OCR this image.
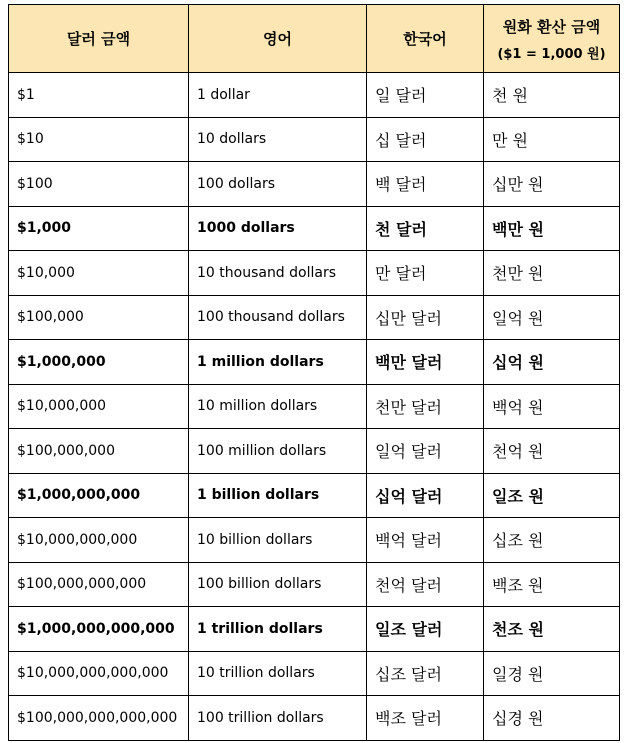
달러 금액	영어	한국어	원화 환산 금액
($1 = 1,000 원)

$1	1 dollar	일 달러	천 원
$10	10 dollars	십 달러	만 원
$100	100 dollars	백 달러	십만 원
$1,000	1000 dollars	천 달러	백만 원
$10,000	10 thousand dollars	만 달러	천만 원
$100,000	100 thousand dollars	십만 달러	일억 원
$1,000,000	1 million dollars	백만 달러	십억 원
$10,000,000	10 million dollars	천만 달러	백억 원
$100,000,000	100 million dollars	일억 달러	천억 원
$1,000,000,000	1 billion dollars	십억 달러	일조 원
$10,000,000,000	10 billion dollars	백억 달러	십조 원
$100,000,000,000	100 billion dollars	천억 달러	백조 원
$1,000,000,000,000	1 trillion dollars	일조 달러	천조 원
$10,000,000,000,000	10 trillion dollars	십조 달러	일경 원
$100,000,000,000,000	100 trillion dollars	백조 달러	십경 원
